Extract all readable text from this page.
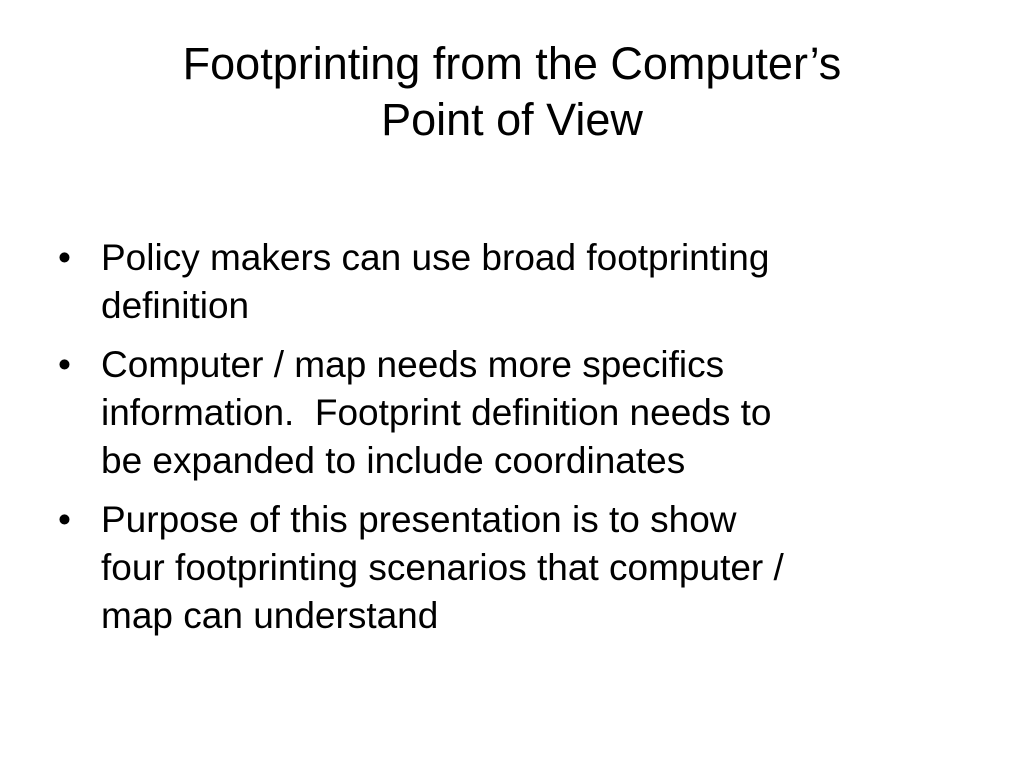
Footprinting from the Computer’s
Point of View
• Policy makers can use broad footprinting
definition
• Computer / map needs more specifics
information.  Footprint definition needs to
be expanded to include coordinates
• Purpose of this presentation is to show
four footprinting scenarios that computer /
map can understand
